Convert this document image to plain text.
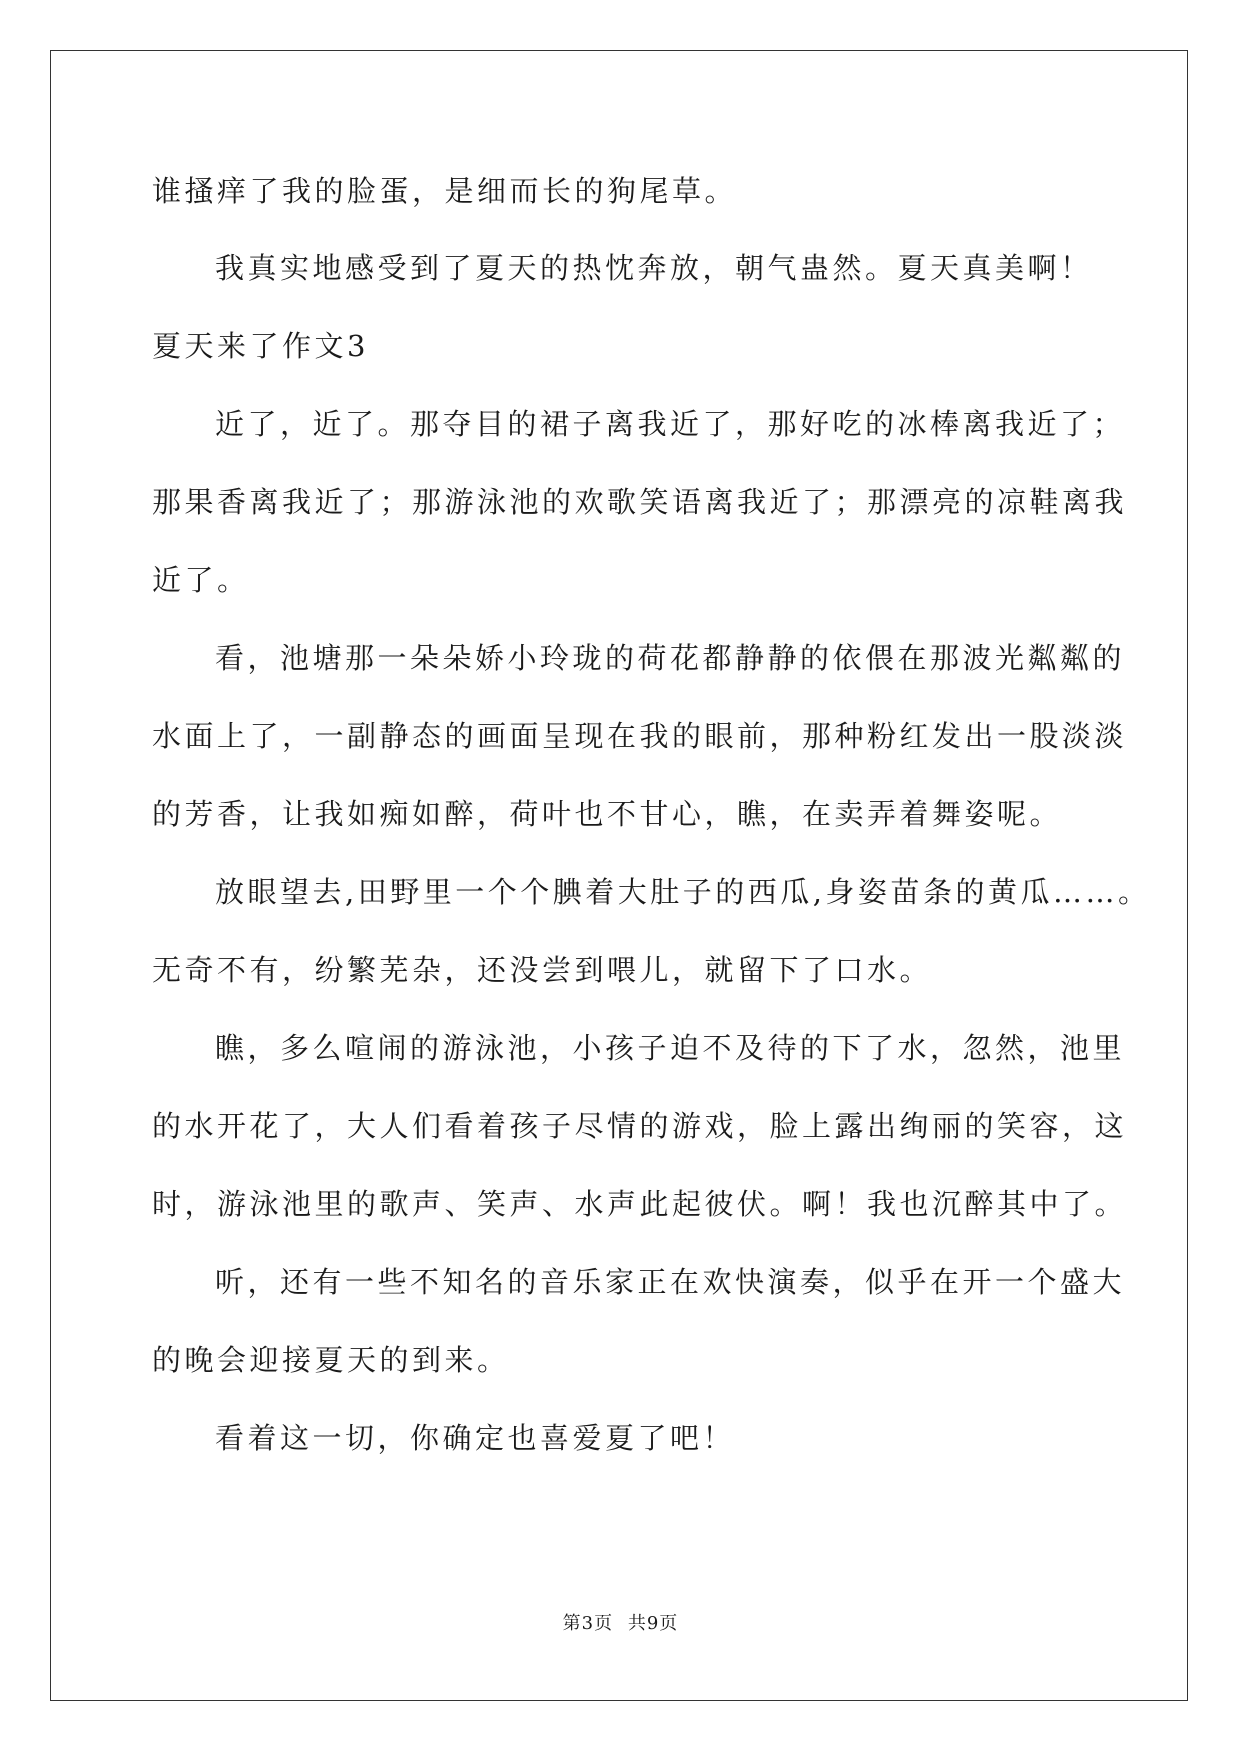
谁搔痒了我的脸蛋，是细而长的狗尾草。
我真实地感受到了夏天的热忱奔放，朝气蛊然。夏天真美啊！
夏天来了作文3
近了，近了。那夺目的裙子离我近了，那好吃的冰棒离我近了；
那果香离我近了；那游泳池的欢歌笑语离我近了；那漂亮的凉鞋离我
近了。
看，池塘那一朵朵娇小玲珑的荷花都静静的依偎在那波光粼粼的
水面上了，一副静态的画面呈现在我的眼前，那种粉红发出一股淡淡
的芳香，让我如痴如醉，荷叶也不甘心，瞧，在卖弄着舞姿呢。
放眼望去,田野里一个个腆着大肚子的西瓜,身姿苗条的黄瓜……。
无奇不有，纷繁芜杂，还没尝到喂儿，就留下了口水。
瞧，多么喧闹的游泳池，小孩子迫不及待的下了水，忽然，池里
的水开花了，大人们看着孩子尽情的游戏，脸上露出绚丽的笑容，这
时，游泳池里的歌声、笑声、水声此起彼伏。啊！我也沉醉其中了。
听，还有一些不知名的音乐家正在欢快演奏，似乎在开一个盛大
的晚会迎接夏天的到来。
看着这一切，你确定也喜爱夏了吧！
第3页 共9页
